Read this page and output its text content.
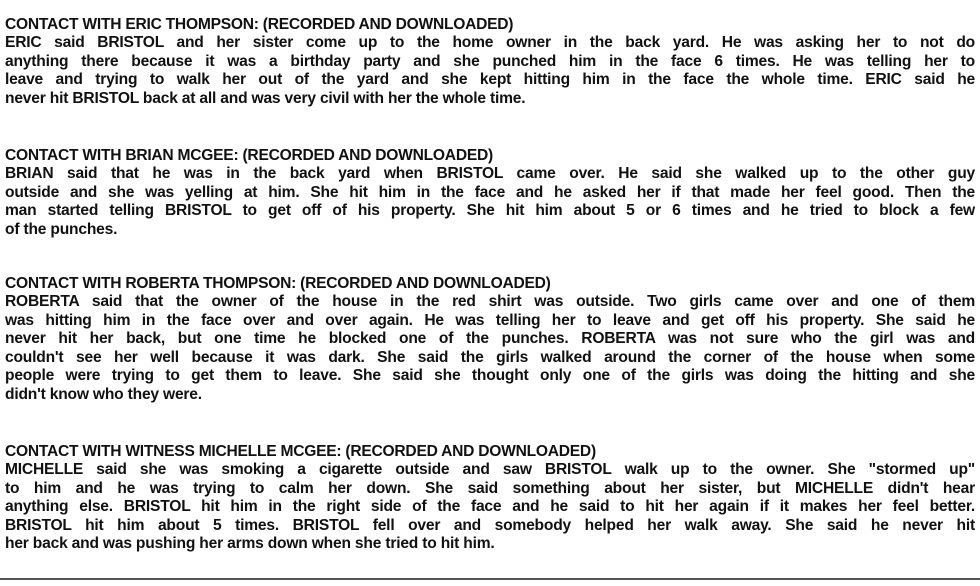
CONTACT WITH ERIC THOMPSON: (RECORDED AND DOWNLOADED)
ERIC said BRISTOL and her sister come up to the home owner in the back yard. He was asking her to not do
anything there because it was a birthday party and she punched him in the face 6 times. He was telling her to
leave and trying to walk her out of the yard and she kept hitting him in the face the whole time. ERIC said he
never hit BRISTOL back at all and was very civil with her the whole time.
CONTACT WITH BRIAN MCGEE: (RECORDED AND DOWNLOADED)
BRIAN said that he was in the back yard when BRISTOL came over. He said she walked up to the other guy
outside and she was yelling at him. She hit him in the face and he asked her if that made her feel good. Then the
man started telling BRISTOL to get off of his property. She hit him about 5 or 6 times and he tried to block a few
of the punches.
CONTACT WITH ROBERTA THOMPSON: (RECORDED AND DOWNLOADED)
ROBERTA said that the owner of the house in the red shirt was outside. Two girls came over and one of them
was hitting him in the face over and over again. He was telling her to leave and get off his property. She said he
never hit her back, but one time he blocked one of the punches. ROBERTA was not sure who the girl was and
couldn't see her well because it was dark. She said the girls walked around the corner of the house when some
people were trying to get them to leave. She said she thought only one of the girls was doing the hitting and she
didn't know who they were.
CONTACT WITH WITNESS MICHELLE MCGEE: (RECORDED AND DOWNLOADED)
MICHELLE said she was smoking a cigarette outside and saw BRISTOL walk up to the owner. She "stormed up"
to him and he was trying to calm her down. She said something about her sister, but MICHELLE didn't hear
anything else. BRISTOL hit him in the right side of the face and he said to hit her again if it makes her feel better.
BRISTOL hit him about 5 times. BRISTOL fell over and somebody helped her walk away. She said he never hit
her back and was pushing her arms down when she tried to hit him.
